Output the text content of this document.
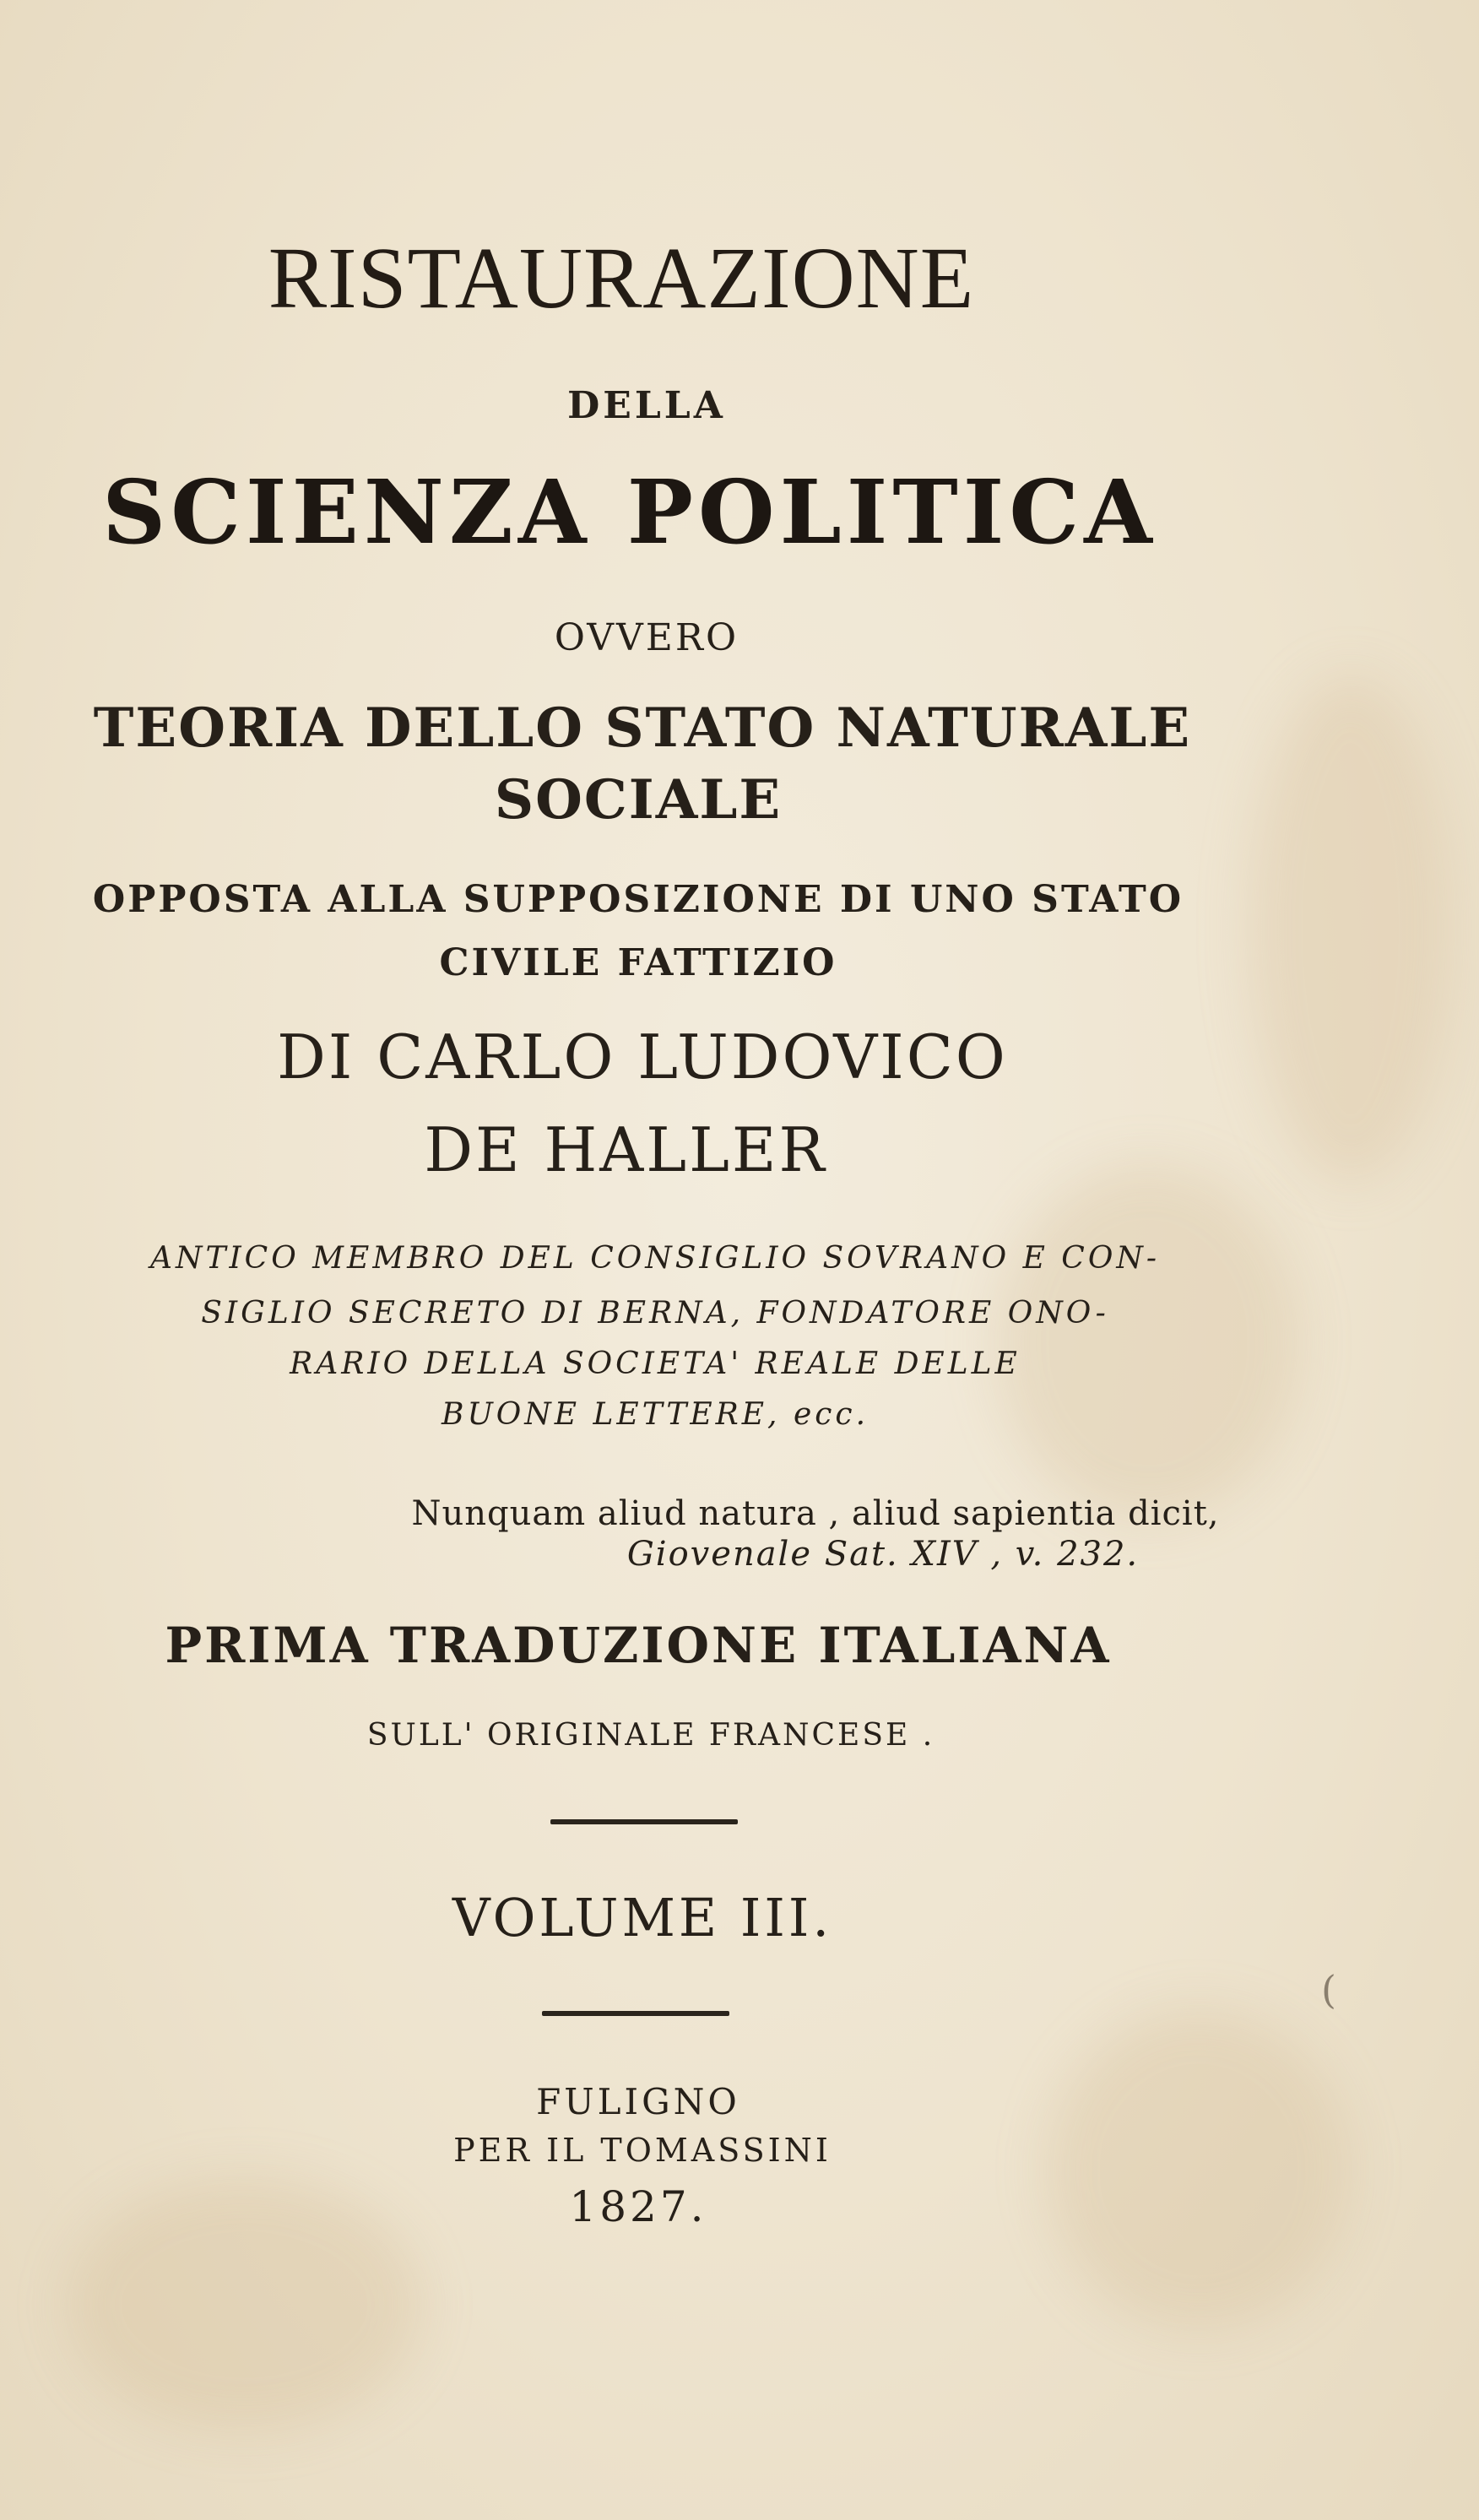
RISTAURAZIONE
DELLA
SCIENZA POLITICA
OVVERO
TEORIA DELLO STATO NATURALE
SOCIALE
OPPOSTA ALLA SUPPOSIZIONE DI UNO STATO
CIVILE FATTIZIO
DI CARLO LUDOVICO
DE HALLER
ANTICO MEMBRO DEL CONSIGLIO SOVRANO E CON-
SIGLIO SECRETO DI BERNA, FONDATORE ONO-
RARIO DELLA SOCIETA' REALE DELLE
BUONE LETTERE, ecc.
Nunquam aliud natura , aliud sapientia dicit,
Giovenale Sat. XIV , v. 232.
PRIMA TRADUZIONE ITALIANA
SULL' ORIGINALE FRANCESE .
VOLUME III.
FULIGNO
PER IL TOMASSINI
1827.
(
